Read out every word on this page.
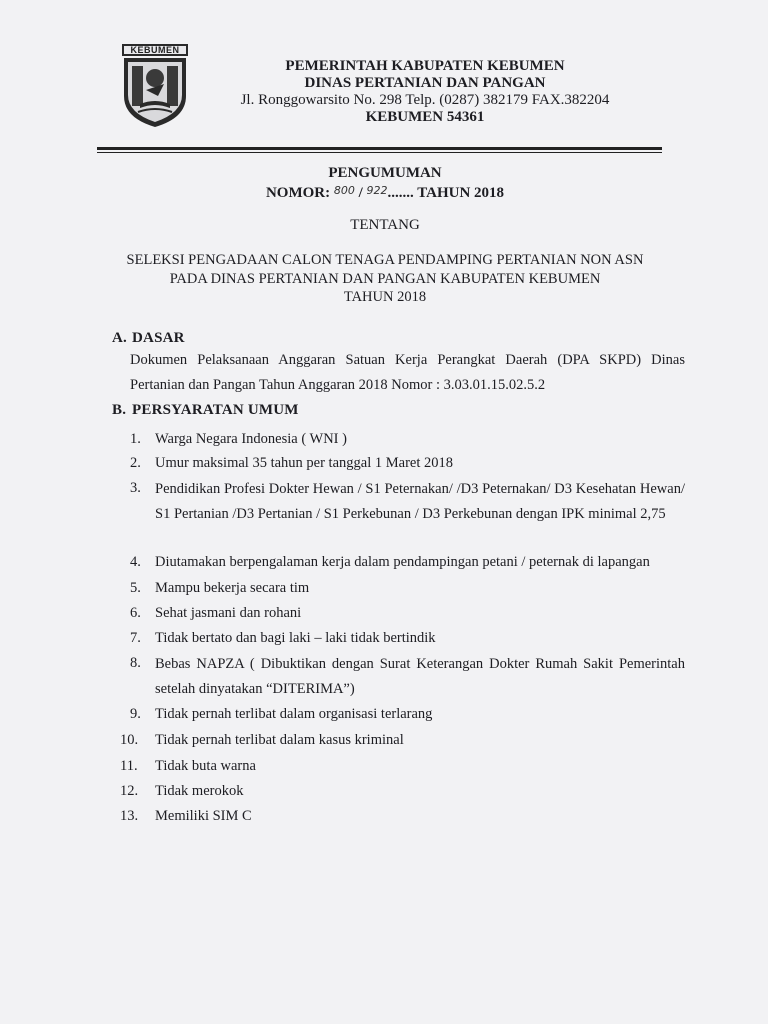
KEBUMEN
PEMERINTAH KABUPATEN KEBUMEN
DINAS PERTANIAN DAN PANGAN
Jl. Ronggowarsito No. 298 Telp. (0287) 382179 FAX.382204
KEBUMEN 54361
PENGUMUMAN
NOMOR: $^{800}$ / $^{922}$....... TAHUN 2018
TENTANG
SELEKSI PENGADAAN CALON TENAGA PENDAMPING PERTANIAN NON ASN
PADA DINAS PERTANIAN DAN PANGAN KABUPATEN KEBUMEN
TAHUN 2018
A. DASAR
Dokumen Pelaksanaan Anggaran Satuan Kerja Perangkat Daerah (DPA SKPD) Dinas Pertanian dan Pangan Tahun Anggaran 2018 Nomor : 3.03.01.15.02.5.2
B. PERSYARATAN UMUM
1. Warga Negara Indonesia ( WNI )
2. Umur maksimal 35 tahun per tanggal 1 Maret 2018
3. Pendidikan Profesi Dokter Hewan / S1 Peternakan/ /D3 Peternakan/ D3 Kesehatan Hewan/ S1 Pertanian /D3 Pertanian / S1 Perkebunan / D3 Perkebunan dengan IPK minimal 2,75
4. Diutamakan berpengalaman kerja dalam pendampingan petani / peternak di lapangan
5. Mampu bekerja secara tim
6. Sehat jasmani dan rohani
7. Tidak bertato dan bagi laki – laki tidak bertindik
8. Bebas NAPZA ( Dibuktikan dengan Surat Keterangan Dokter Rumah Sakit Pemerintah setelah dinyatakan “DITERIMA”)
9. Tidak pernah terlibat dalam organisasi terlarang
10. Tidak pernah terlibat dalam kasus kriminal
11. Tidak buta warna
12. Tidak merokok
13. Memiliki SIM C
